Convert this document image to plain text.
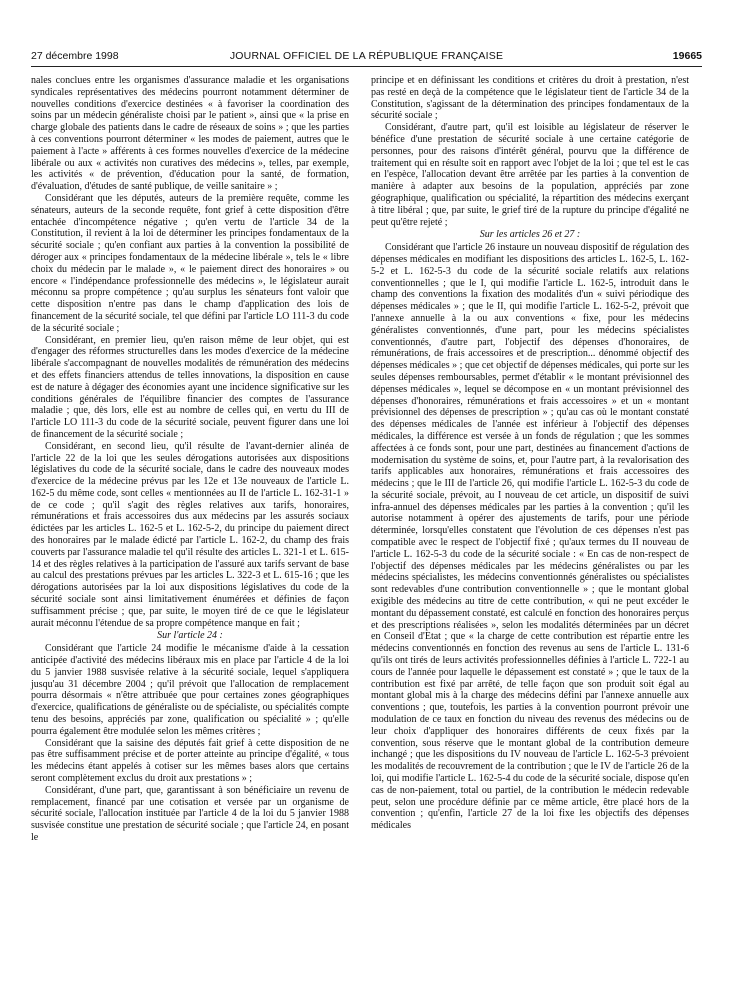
27 décembre 1998	JOURNAL OFFICIEL DE LA RÉPUBLIQUE FRANÇAISE	19665

nales conclues entre les organismes d'assurance maladie et les organisations syndicales représentatives des médecins pourront notamment déterminer de nouvelles conditions d'exercice destinées « à favoriser la coordination des soins par un médecin généraliste choisi par le patient », ainsi que « la prise en charge globale des patients dans le cadre de réseaux de soins » ; que les parties à ces conventions pourront déterminer « les modes de paiement, autres que le paiement à l'acte » afférents à ces formes nouvelles d'exercice de la médecine libérale ou aux « activités non curatives des médecins », telles, par exemple, les activités « de prévention, d'éducation pour la santé, de formation, d'évaluation, d'études de santé publique, de veille sanitaire » ;

Considérant que les députés, auteurs de la première requête, comme les sénateurs, auteurs de la seconde requête, font grief à cette disposition d'être entachée d'incompétence négative ; qu'en vertu de l'article 34 de la Constitution, il revient à la loi de déterminer les principes fondamentaux de la sécurité sociale ; qu'en confiant aux parties à la convention la possibilité de déroger aux « principes fondamentaux de la médecine libérale », tels le « libre choix du médecin par le malade », « le paiement direct des honoraires » ou encore « l'indépendance professionnelle des médecins », le législateur aurait méconnu sa propre compétence ; qu'au surplus les sénateurs font valoir que cette disposition n'entre pas dans le champ d'application des lois de financement de la sécurité sociale, tel que défini par l'article LO 111-3 du code de la sécurité sociale ;

Considérant, en premier lieu, qu'en raison même de leur objet, qui est d'engager des réformes structurelles dans les modes d'exercice de la médecine libérale s'accompagnant de nouvelles modalités de rémunération des médecins et des effets financiers attendus de telles innovations, la disposition en cause est de nature à dégager des économies ayant une incidence significative sur les conditions générales de l'équilibre financier des comptes de l'assurance maladie ; que, dès lors, elle est au nombre de celles qui, en vertu du III de l'article LO 111-3 du code de la sécurité sociale, peuvent figurer dans une loi de financement de la sécurité sociale ;

Considérant, en second lieu, qu'il résulte de l'avant-dernier alinéa de l'article 22 de la loi que les seules dérogations autorisées aux dispositions législatives du code de la sécurité sociale, dans le cadre des nouveaux modes d'exercice de la médecine prévus par les 12e et 13e nouveaux de l'article L. 162-5 du même code, sont celles « mentionnées au II de l'article L. 162-31-1 » de ce code ; qu'il s'agit des règles relatives aux tarifs, honoraires, rémunérations et frais accessoires dus aux médecins par les assurés sociaux édictées par les articles L. 162-5 et L. 162-5-2, du principe du paiement direct des honoraires par le malade édicté par l'article L. 162-2, du champ des frais couverts par l'assurance maladie tel qu'il résulte des articles L. 321-1 et L. 615-14 et des règles relatives à la participation de l'assuré aux tarifs servant de base au calcul des prestations prévues par les articles L. 322-3 et L. 615-16 ; que les dérogations autorisées par la loi aux dispositions législatives du code de la sécurité sociale sont ainsi limitativement énumérées et définies de façon suffisamment précise ; que, par suite, le moyen tiré de ce que le législateur aurait méconnu l'étendue de sa propre compétence manque en fait ;

Sur l'article 24 :

Considérant que l'article 24 modifie le mécanisme d'aide à la cessation anticipée d'activité des médecins libéraux mis en place par l'article 4 de la loi du 5 janvier 1988 susvisée relative à la sécurité sociale, lequel s'appliquera jusqu'au 31 décembre 2004 ; qu'il prévoit que l'allocation de remplacement pourra désormais « n'être attribuée que pour certaines zones géographiques d'exercice, qualifications de généraliste ou de spécialiste, ou spécialités compte tenu des besoins, appréciés par zone, qualification ou spécialité » ; qu'elle pourra également être modulée selon les mêmes critères ;

Considérant que la saisine des députés fait grief à cette disposition de ne pas être suffisamment précise et de porter atteinte au principe d'égalité, « tous les médecins étant appelés à cotiser sur les mêmes bases alors que certains seront complètement exclus du droit aux prestations » ;

Considérant, d'une part, que, garantissant à son bénéficiaire un revenu de remplacement, financé par une cotisation et versée par un organisme de sécurité sociale, l'allocation instituée par l'article 4 de la loi du 5 janvier 1988 susvisée constitue une prestation de sécurité sociale ; que l'article 24, en posant le

principe et en définissant les conditions et critères du droit à prestation, n'est pas resté en deçà de la compétence que le législateur tient de l'article 34 de la Constitution, s'agissant de la détermination des principes fondamentaux de la sécurité sociale ;

Considérant, d'autre part, qu'il est loisible au législateur de réserver le bénéfice d'une prestation de sécurité sociale à une certaine catégorie de personnes, pour des raisons d'intérêt général, pourvu que la différence de traitement qui en résulte soit en rapport avec l'objet de la loi ; que tel est le cas en l'espèce, l'allocation devant être arrêtée par les parties à la convention de manière à adapter aux besoins de la population, appréciés par zone géographique, qualification ou spécialité, la répartition des médecins exerçant à titre libéral ; que, par suite, le grief tiré de la rupture du principe d'égalité ne peut qu'être rejeté ;

Sur les articles 26 et 27 :

Considérant que l'article 26 instaure un nouveau dispositif de régulation des dépenses médicales en modifiant les dispositions des articles L. 162-5, L. 162-5-2 et L. 162-5-3 du code de la sécurité sociale relatifs aux relations conventionnelles ; que le I, qui modifie l'article L. 162-5, introduit dans le champ des conventions la fixation des modalités d'un « suivi périodique des dépenses médicales » ; que le II, qui modifie l'article L. 162-5-2, prévoit que l'annexe annuelle à la ou aux conventions « fixe, pour les médecins généralistes conventionnés, d'une part, pour les médecins spécialistes conventionnés, d'autre part, l'objectif des dépenses d'honoraires, de rémunérations, de frais accessoires et de prescription... dénommé objectif des dépenses médicales » ; que cet objectif de dépenses médicales, qui porte sur les seules dépenses remboursables, permet d'établir « le montant prévisionnel des dépenses médicales », lequel se décompose en « un montant prévisionnel des dépenses d'honoraires, rémunérations et frais accessoires » et un « montant prévisionnel des dépenses de prescription » ; qu'au cas où le montant constaté des dépenses médicales de l'année est inférieur à l'objectif des dépenses médicales, la différence est versée à un fonds de régulation ; que les sommes affectées à ce fonds sont, pour une part, destinées au financement d'actions de modernisation du système de soins, et, pour l'autre part, à la revalorisation des tarifs applicables aux honoraires, rémunérations et frais accessoires des médecins ; que le III de l'article 26, qui modifie l'article L. 162-5-3 du code de la sécurité sociale, prévoit, au I nouveau de cet article, un dispositif de suivi infra-annuel des dépenses médicales par les parties à la convention ; qu'il les autorise notamment à opérer des ajustements de tarifs, pour une période déterminée, lorsqu'elles constatent que l'évolution de ces dépenses n'est pas compatible avec le respect de l'objectif fixé ; qu'aux termes du II nouveau de l'article L. 162-5-3 du code de la sécurité sociale : « En cas de non-respect de l'objectif des dépenses médicales par les médecins généralistes ou par les médecins spécialistes, les médecins conventionnés généralistes ou spécialistes sont redevables d'une contribution conventionnelle » ; que le montant global exigible des médecins au titre de cette contribution, « qui ne peut excéder le montant du dépassement constaté, est calculé en fonction des honoraires perçus et des prescriptions réalisées », selon les modalités déterminées par un décret en Conseil d'Etat ; que « la charge de cette contribution est répartie entre les médecins conventionnés en fonction des revenus au sens de l'article L. 131-6 qu'ils ont tirés de leurs activités professionnelles définies à l'article L. 722-1 au cours de l'année pour laquelle le dépassement est constaté » ; que le taux de la contribution est fixé par arrêté, de telle façon que son produit soit égal au montant global mis à la charge des médecins défini par l'annexe annuelle aux conventions ; que, toutefois, les parties à la convention pourront prévoir une modulation de ce taux en fonction du niveau des revenus des médecins ou de leur choix d'appliquer des honoraires différents de ceux fixés par la convention, sous réserve que le montant global de la contribution demeure inchangé ; que les dispositions du IV nouveau de l'article L. 162-5-3 prévoient les modalités de recouvrement de la contribution ; que le IV de l'article 26 de la loi, qui modifie l'article L. 162-5-4 du code de la sécurité sociale, dispose qu'en cas de non-paiement, total ou partiel, de la contribution le médecin redevable peut, selon une procédure définie par ce même article, être placé hors de la convention ; qu'enfin, l'article 27 de la loi fixe les objectifs des dépenses médicales
